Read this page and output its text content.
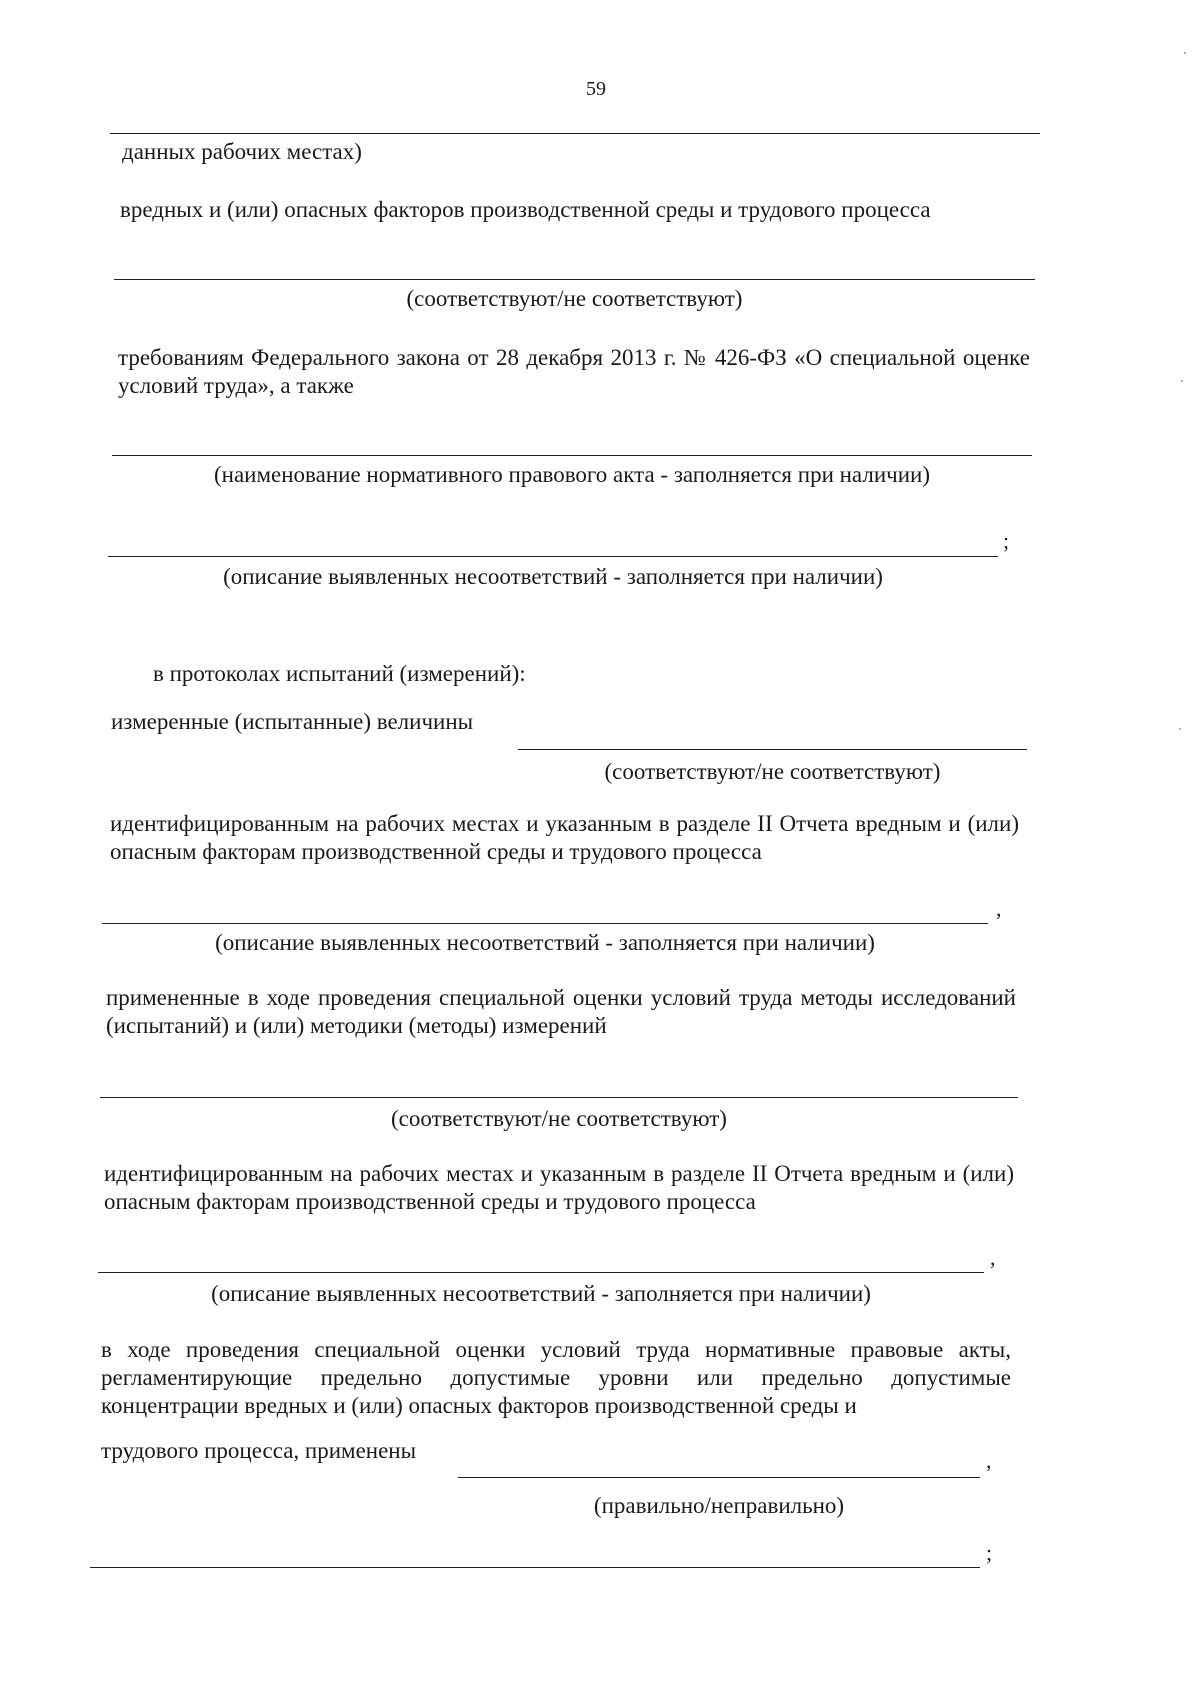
59
данных рабочих местах)
вредных и (или) опасных факторов производственной среды и трудового процесса
(соответствуют/не соответствуют)
требованиям Федерального закона от 28 декабря 2013 г. № 426-ФЗ «О специальной оценке условий труда», а также
(наименование нормативного правового акта - заполняется при наличии)
;
(описание выявленных несоответствий - заполняется при наличии)
в протоколах испытаний (измерений):
измеренные (испытанные) величины
(соответствуют/не соответствуют)
идентифицированным на рабочих местах и указанным в разделе II Отчета вредным и (или) опасным факторам производственной среды и трудового процесса
,
(описание выявленных несоответствий - заполняется при наличии)
примененные в ходе проведения специальной оценки условий труда методы исследований (испытаний) и (или) методики (методы) измерений
(соответствуют/не соответствуют)
идентифицированным на рабочих местах и указанным в разделе II Отчета вредным и (или) опасным факторам производственной среды и трудового процесса
,
(описание выявленных несоответствий - заполняется при наличии)
в ходе проведения специальной оценки условий труда нормативные правовые акты, регламентирующие предельно допустимые уровни или предельно допустимые концентрации вредных и (или) опасных факторов производственной среды и
трудового процесса, применены	,
(правильно/неправильно)
;
